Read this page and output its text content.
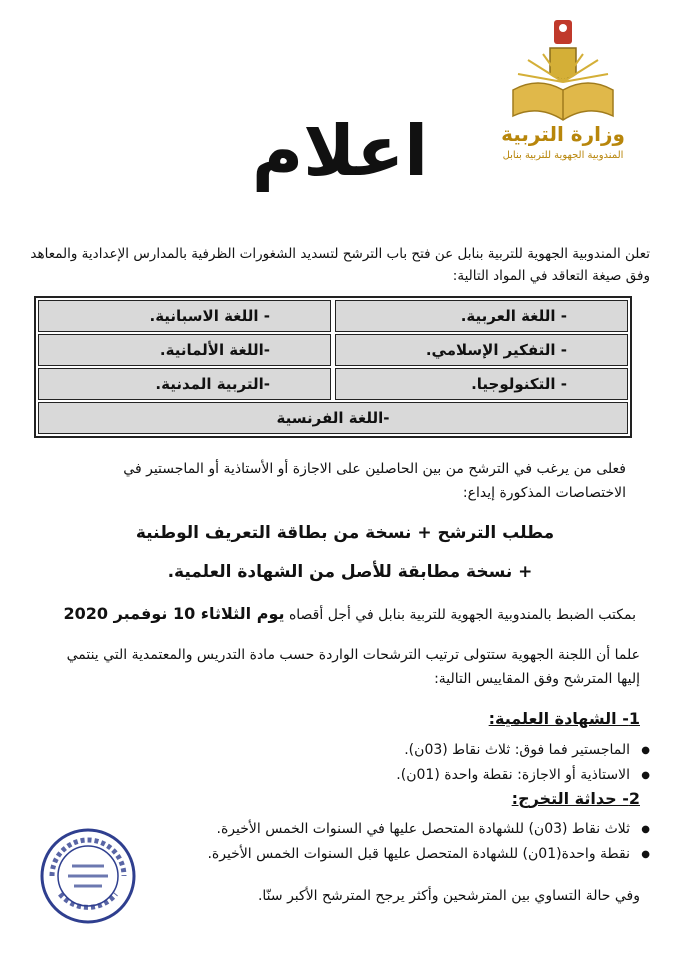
وزارة التربية
المندوبية الجهوية للتربية بنابل
اعلام
تعلن المندوبية الجهوية للتربية بنابل عن فتح باب الترشح لتسديد الشغورات الظرفية بالمدارس الإعدادية والمعاهد وفق صيغة التعاقد في المواد التالية:
- اللغة العربية.
- اللغة الاسبانية.
- التفكير الإسلامي.
-اللغة الألمانية.
- التكنولوجيا.
-التربية المدنية.
-اللغة الفرنسية
فعلى من يرغب في الترشح من بين الحاصلين على الاجازة أو الأستاذية أو الماجستير في الاختصاصات المذكورة إيداع:
مطلب الترشح + نسخة من بطاقة التعريف الوطنية
+ نسخة مطابقة للأصل من الشهادة العلمية.
بمكتب الضبط بالمندوبية الجهوية للتربية بنابل في أجل أقصاه يوم الثلاثاء 10 نوفمبر 2020
علما أن اللجنة الجهوية ستتولى ترتيب الترشحات الواردة حسب مادة التدريس والمعتمدية التي ينتمي إليها المترشح وفق المقاييس التالية:
1- الشهادة العلمية:
● الماجستير فما فوق: ثلاث نقاط (03ن).
● الاستاذية أو الاجازة: نقطة واحدة (01ن).
2- حداثة التخرج:
● ثلاث نقاط (03ن) للشهادة المتحصل عليها في السنوات الخمس الأخيرة.
● نقطة واحدة(01ن) للشهادة المتحصل عليها قبل السنوات الخمس الأخيرة.
وفي حالة التساوي بين المترشحين وأكثر يرجح المترشح الأكبر سنّا.
